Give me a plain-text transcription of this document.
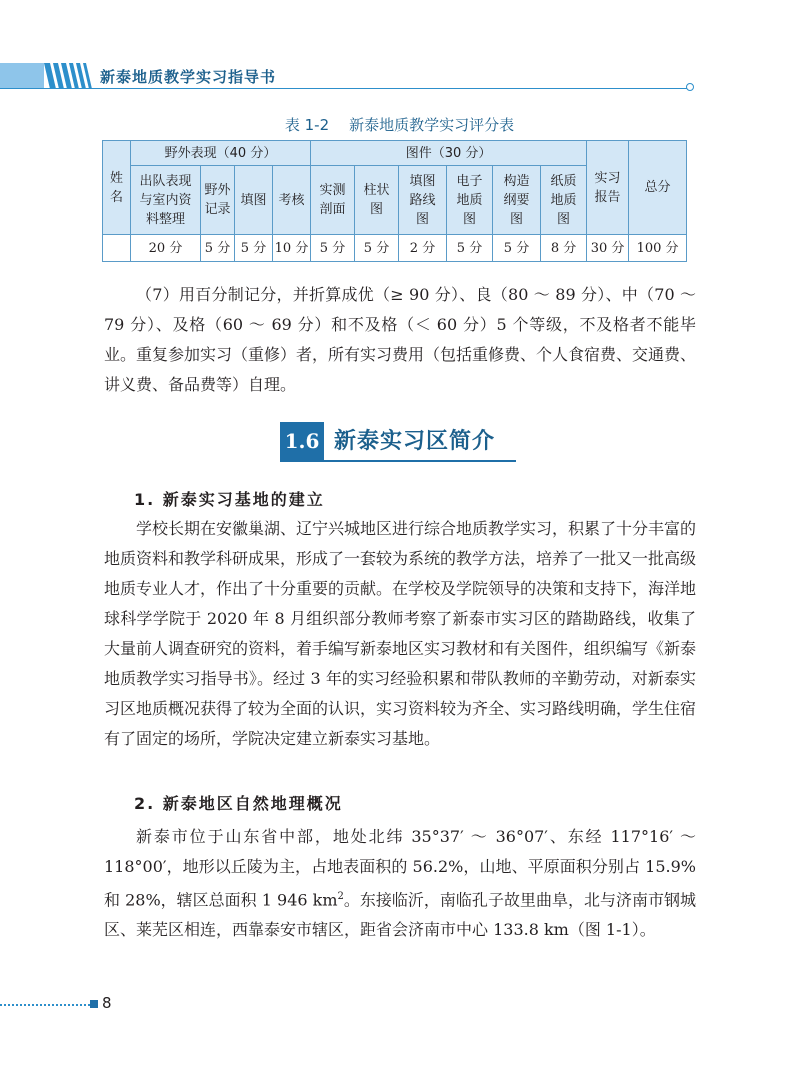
新泰地质教学实习指导书
表 1-2 新泰地质教学实习评分表
姓名	野外表现（40 分）				图件（30 分）						实习报告	总分
	出队表现与室内资料整理	野外记录	填图	考核	实测剖面	柱状图	填图路线图	电子地质图	构造纲要图	纸质地质图		
	20 分	5 分	5 分	10 分	5 分	5 分	2 分	5 分	5 分	8 分	30 分	100 分

（7）用百分制记分，并折算成优（≥ 90 分）、良（80 ～ 89 分）、中（70 ～ 79 分）、及格（60 ～ 69 分）和不及格（＜ 60 分）5 个等级，不及格者不能毕业。重复参加实习（重修）者，所有实习费用（包括重修费、个人食宿费、交通费、讲义费、备品费等）自理。

1.6 新泰实习区简介
1. 新泰实习基地的建立

学校长期在安徽巢湖、辽宁兴城地区进行综合地质教学实习，积累了十分丰富的地质资料和教学科研成果，形成了一套较为系统的教学方法，培养了一批又一批高级地质专业人才，作出了十分重要的贡献。在学校及学院领导的决策和支持下，海洋地球科学学院于 2020 年 8 月组织部分教师考察了新泰市实习区的踏勘路线，收集了大量前人调查研究的资料，着手编写新泰地区实习教材和有关图件，组织编写《新泰地质教学实习指导书》。经过 3 年的实习经验积累和带队教师的辛勤劳动，对新泰实习区地质概况获得了较为全面的认识，实习资料较为齐全、实习路线明确，学生住宿有了固定的场所，学院决定建立新泰实习基地。

2. 新泰地区自然地理概况

新泰市位于山东省中部，地处北纬 35°37′ ～ 36°07′、东经 117°16′ ～ 118°00′，地形以丘陵为主，占地表面积的 56.2%，山地、平原面积分别占 15.9% 和 28%，辖区总面积 1 946 $km^2$。东接临沂，南临孔子故里曲阜，北与济南市钢城区、莱芜区相连，西靠泰安市辖区，距省会济南市中心 133.8 km（图 1-1）。

8
